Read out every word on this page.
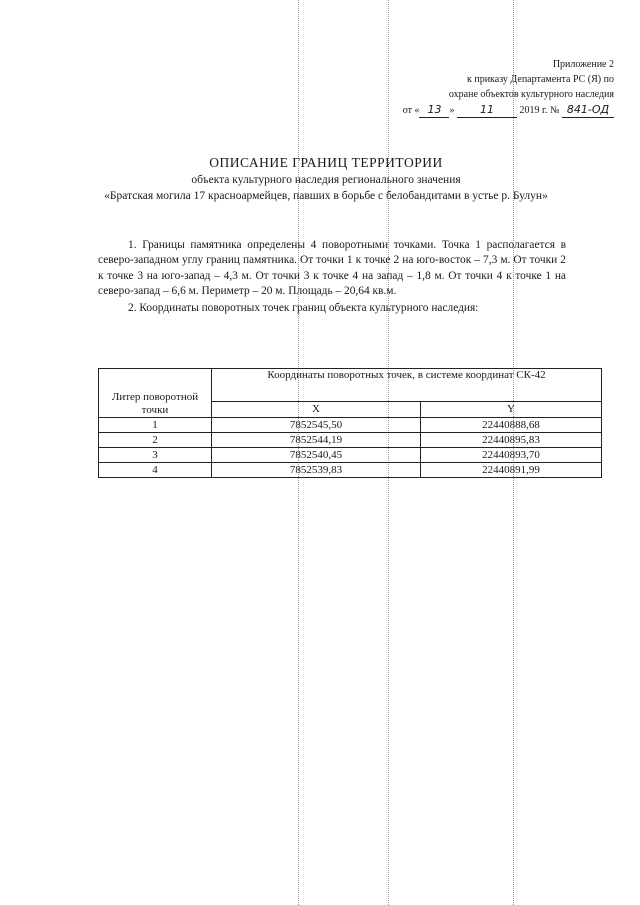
Приложение 2
к приказу Департамента РС (Я) по
охране объектов культурного наследия
от « 13 » 11	2019 г. № 841-ОД
ОПИСАНИЕ ГРАНИЦ ТЕРРИТОРИИ
объекта культурного наследия регионального значения
«Братская могила 17 красноармейцев, павших в борьбе с белобандитами в устье р. Булун»

1. Границы памятника определены 4 поворотными точками. Точка 1 располагается в северо-западном углу границ памятника. От точки 1 к точке 2 на юго-восток – 7,3 м. От точки 2 к точке 3 на юго-запад – 4,3 м. От точки 3 к точке 4 на запад – 1,8 м. От точки 4 к точке 1 на северо-запад – 6,6 м. Периметр – 20 м. Площадь – 20,64 кв.м.

2. Координаты поворотных точек границ объекта культурного наследия:

Литер поворотной точки	Координаты поворотных точек, в системе координат СК-42	
	X	Y
1	7852545,50	22440888,68
2	7852544,19	22440895,83
3	7852540,45	22440893,70
4	7852539,83	22440891,99
